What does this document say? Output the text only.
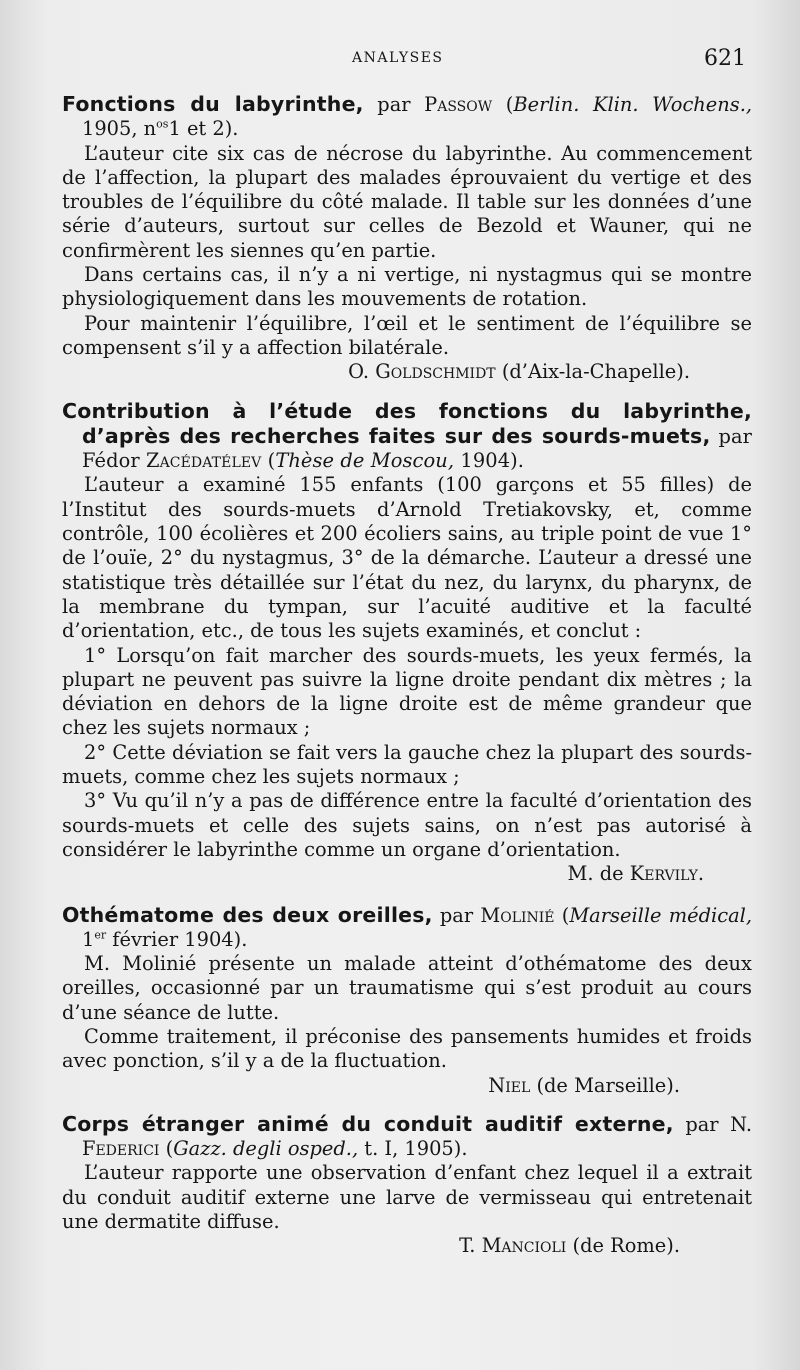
ANALYSES	621

Fonctions du labyrinthe, par Passow (Berlin. Klin. Wochens., 1905, $n^{os}1$ et 2).

L’auteur cite six cas de nécrose du labyrinthe. Au commencement de l’affection, la plupart des malades éprouvaient du vertige et des troubles de l’équilibre du côté malade. Il table sur les données d’une série d’auteurs, surtout sur celles de Bezold et Wauner, qui ne confirmèrent les siennes qu’en partie.

Dans certains cas, il n’y a ni vertige, ni nystagmus qui se montre physiologiquement dans les mouvements de rotation.

Pour maintenir l’équilibre, l’œil et le sentiment de l’équilibre se compensent s’il y a affection bilatérale.

O. Goldschmidt (d’Aix-la-Chapelle).

Contribution à l’étude des fonctions du labyrinthe, d’après des recherches faites sur des sourds-muets, par Fédor Zacédatélev (Thèse de Moscou, 1904).

L’auteur a examiné 155 enfants (100 garçons et 55 filles) de l’Institut des sourds-muets d’Arnold Tretiakovsky, et, comme contrôle, 100 écolières et 200 écoliers sains, au triple point de vue 1° de l’ouïe, 2° du nystagmus, 3° de la démarche. L’auteur a dressé une statistique très détaillée sur l’état du nez, du larynx, du pharynx, de la membrane du tympan, sur l’acuité auditive et la faculté d’orientation, etc., de tous les sujets examinés, et conclut :

1° Lorsqu’on fait marcher des sourds-muets, les yeux fermés, la plupart ne peuvent pas suivre la ligne droite pendant dix mètres ; la déviation en dehors de la ligne droite est de même grandeur que chez les sujets normaux ;

2° Cette déviation se fait vers la gauche chez la plupart des sourds-muets, comme chez les sujets normaux ;

3° Vu qu’il n’y a pas de différence entre la faculté d’orientation des sourds-muets et celle des sujets sains, on n’est pas autorisé à considérer le labyrinthe comme un organe d’orientation.

M. de Kervily.

Othématome des deux oreilles, par Molinié (Marseille médical, 1er février 1904).

M. Molinié présente un malade atteint d’othématome des deux oreilles, occasionné par un traumatisme qui s’est produit au cours d’une séance de lutte.

Comme traitement, il préconise des pansements humides et froids avec ponction, s’il y a de la fluctuation.

Niel (de Marseille).

Corps étranger animé du conduit auditif externe, par N. Federici (Gazz. degli osped., t. I, 1905).

L’auteur rapporte une observation d’enfant chez lequel il a extrait du conduit auditif externe une larve de vermisseau qui entretenait une dermatite diffuse.

T. Mancioli (de Rome).
